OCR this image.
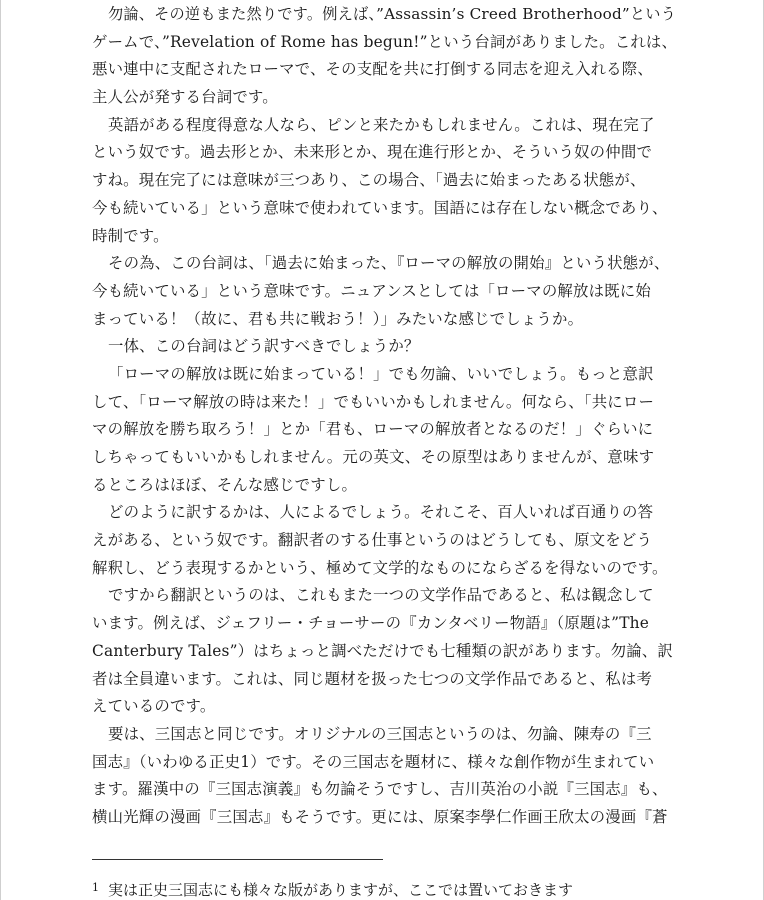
勿論、その逆もまた然りです。例えば、”Assassin’s Creed Brotherhood”という
ゲームで、”Revelation of Rome has begun!”という台詞がありました。これは、
悪い連中に支配されたローマで、その支配を共に打倒する同志を迎え入れる際、
主人公が発する台詞です。
英語がある程度得意な人なら、ピンと来たかもしれません。これは、現在完了
という奴です。過去形とか、未来形とか、現在進行形とか、そういう奴の仲間で
すね。現在完了には意味が三つあり、この場合、「過去に始まったある状態が、
今も続いている」という意味で使われています。国語には存在しない概念であり、
時制です。
その為、この台詞は、「過去に始まった、『ローマの解放の開始』という状態が、
今も続いている」という意味です。ニュアンスとしては「ローマの解放は既に始
まっている！（故に、君も共に戦おう！）」みたいな感じでしょうか。
一体、この台詞はどう訳すべきでしょうか？
「ローマの解放は既に始まっている！」でも勿論、いいでしょう。もっと意訳
して、「ローマ解放の時は来た！」でもいいかもしれません。何なら、「共にロー
マの解放を勝ち取ろう！」とか「君も、ローマの解放者となるのだ！」ぐらいに
しちゃってもいいかもしれません。元の英文、その原型はありませんが、意味す
るところはほぼ、そんな感じですし。
どのように訳するかは、人によるでしょう。それこそ、百人いれば百通りの答
えがある、という奴です。翻訳者のする仕事というのはどうしても、原文をどう
解釈し、どう表現するかという、極めて文学的なものにならざるを得ないのです。
ですから翻訳というのは、これもまた一つの文学作品であると、私は観念して
います。例えば、ジェフリー・チョーサーの『カンタベリー物語』（原題は”The
Canterbury Tales”）はちょっと調べただけでも七種類の訳があります。勿論、訳
者は全員違います。これは、同じ題材を扱った七つの文学作品であると、私は考
えているのです。
要は、三国志と同じです。オリジナルの三国志というのは、勿論、陳寿の『三
国志』（いわゆる正史1）です。その三国志を題材に、様々な創作物が生まれてい
ます。羅漢中の『三国志演義』も勿論そうですし、吉川英治の小説『三国志』も、
横山光輝の漫画『三国志』もそうです。更には、原案李學仁作画王欣太の漫画『蒼
$^1$ 実は正史三国志にも様々な版がありますが、ここでは置いておきます
